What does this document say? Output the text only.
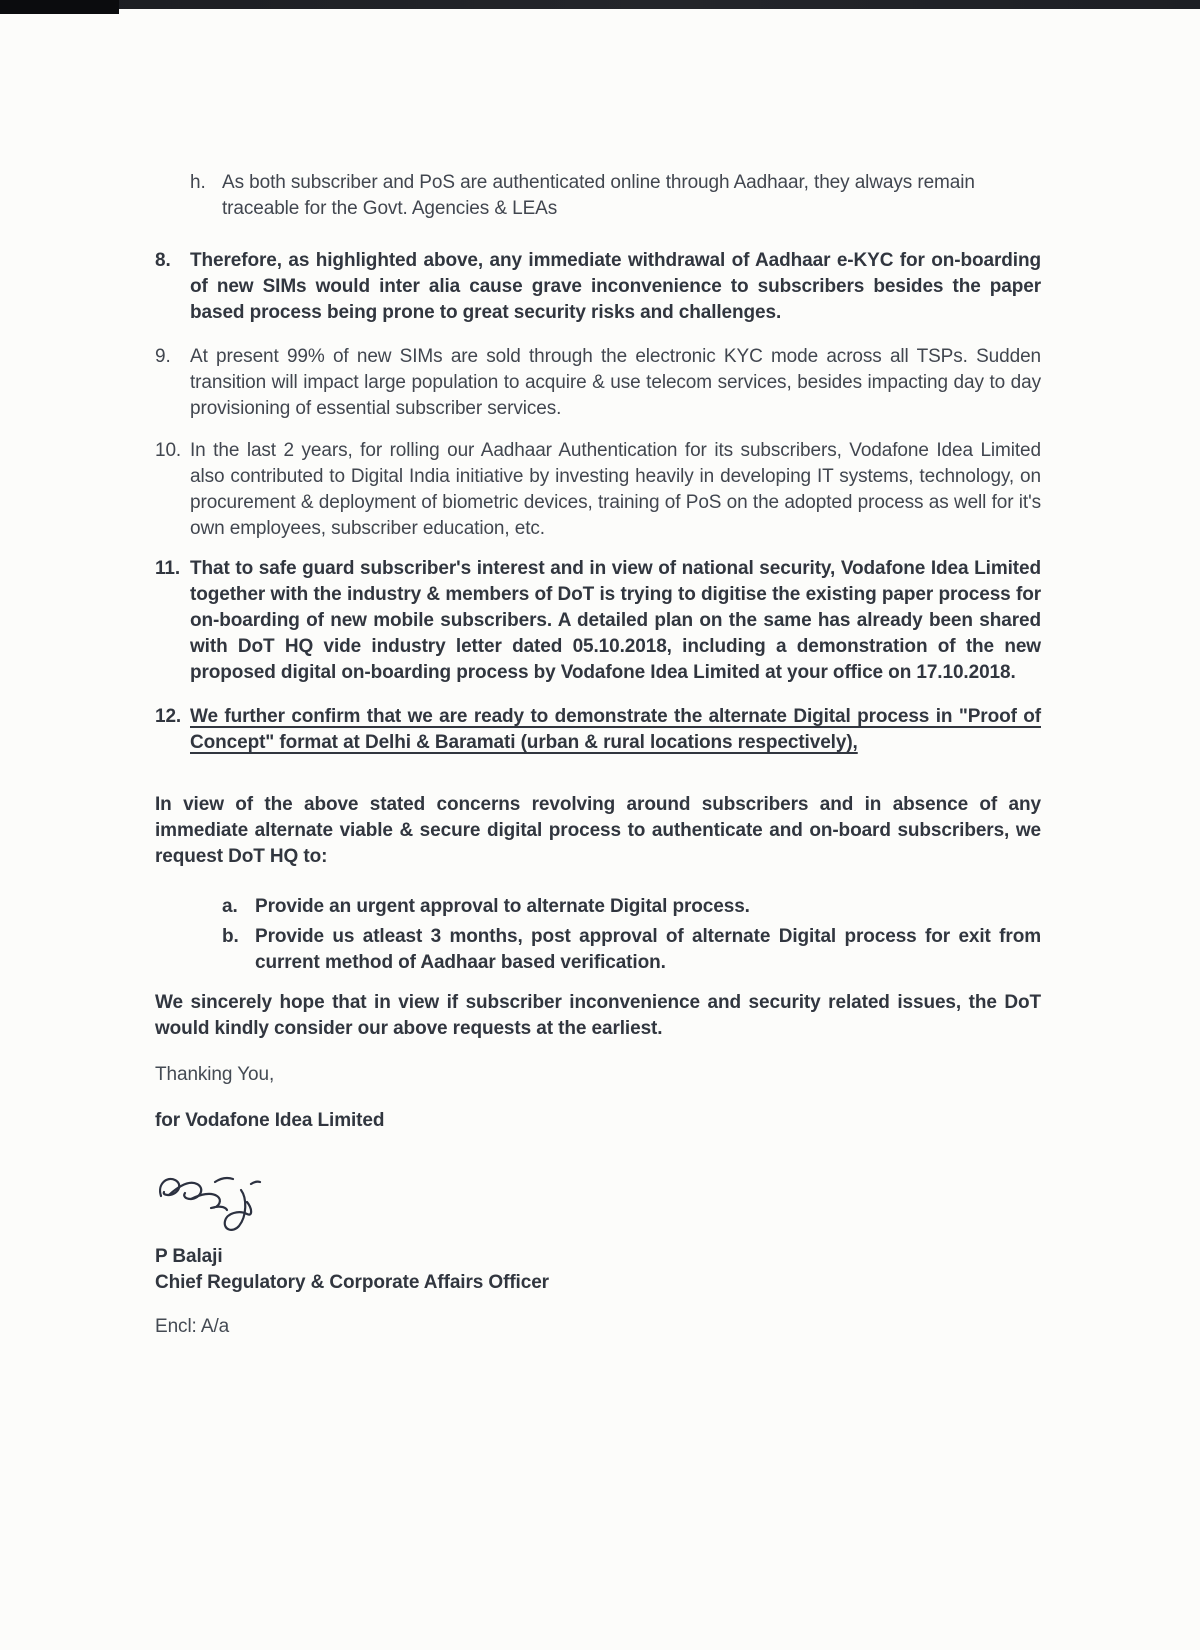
h. As both subscriber and PoS are authenticated online through Aadhaar, they always remain traceable for the Govt. Agencies & LEAs
8.	Therefore, as highlighted above, any immediate withdrawal of Aadhaar e-KYC for on-boarding of new SIMs would inter alia cause grave inconvenience to subscribers besides the paper based process being prone to great security risks and challenges.
9.	At present 99% of new SIMs are sold through the electronic KYC mode across all TSPs. Sudden transition will impact large population to acquire & use telecom services, besides impacting day to day provisioning of essential subscriber services.
10. In the last 2 years, for rolling our Aadhaar Authentication for its subscribers, Vodafone Idea Limited also contributed to Digital India initiative by investing heavily in developing IT systems, technology, on procurement & deployment of biometric devices, training of PoS on the adopted process as well for it's own employees, subscriber education, etc.
11. That to safe guard subscriber's interest and in view of national security, Vodafone Idea Limited together with the industry & members of DoT is trying to digitise the existing paper process for on-boarding of new mobile subscribers. A detailed plan on the same has already been shared with DoT HQ vide industry letter dated 05.10.2018, including a demonstration of the new proposed digital on-boarding process by Vodafone Idea Limited at your office on 17.10.2018.
12. We further confirm that we are ready to demonstrate the alternate Digital process in "Proof of Concept" format at Delhi & Baramati (urban & rural locations respectively),
In view of the above stated concerns revolving around subscribers and in absence of any immediate alternate viable & secure digital process to authenticate and on-board subscribers, we request DoT HQ to:
a. Provide an urgent approval to alternate Digital process.
b. Provide us atleast 3 months, post approval of alternate Digital process for exit from current method of Aadhaar based verification.
We sincerely hope that in view if subscriber inconvenience and security related issues, the DoT would kindly consider our above requests at the earliest.
Thanking You,
for Vodafone Idea Limited
P Balaji
Chief Regulatory & Corporate Affairs Officer
Encl: A/a
